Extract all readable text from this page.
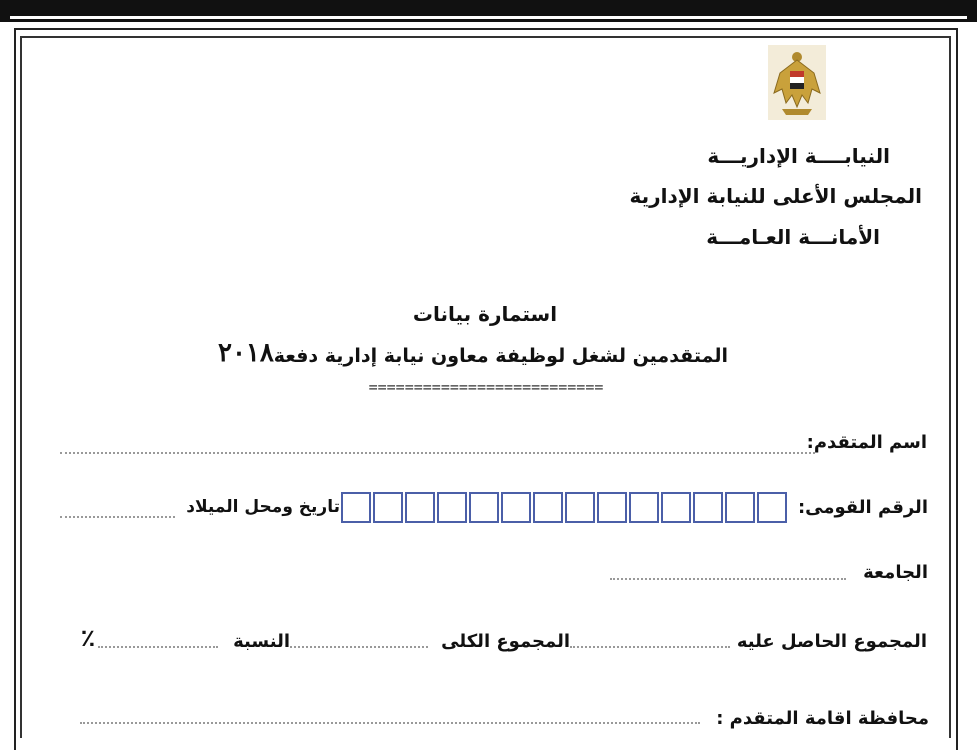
النيابــــة الإداريـــة
المجلس الأعلى للنيابة الإدارية
الأمانـــة العـامـــة
استمارة بيانات
المتقدمين لشغل لوظيفة معاون نيابة إدارية دفعة
٢٠١٨
==========================
اسم المتقدم:
الرقم القومى:
تاريخ ومحل الميلاد
الجامعة
المجموع الحاصل عليه
المجموع الكلى
النسبة
٪
محافظة اقامة المتقدم :
